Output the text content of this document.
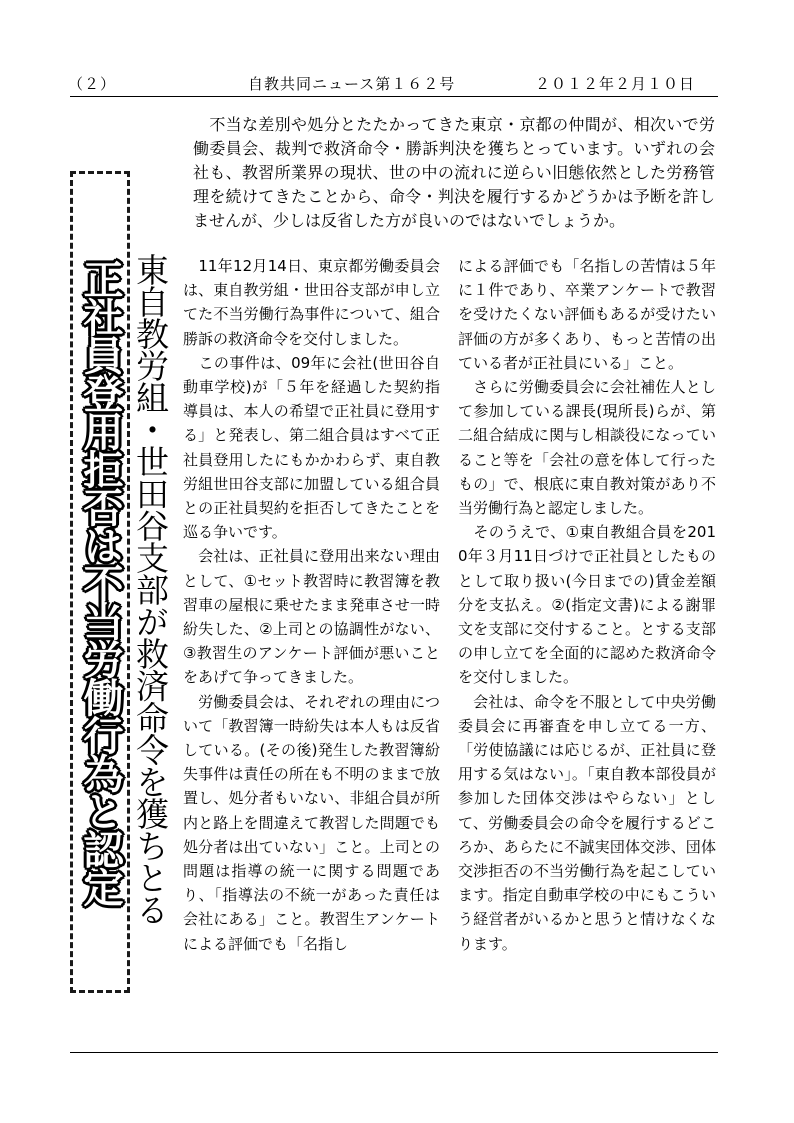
（２）	自教共同ニュース第１６２号	２０１２年２月１０日

　不当な差別や処分とたたかってきた東京・京都の仲間が、相次いで労働委員会、裁判で救済命令・勝訴判決を獲ちとっています。いずれの会社も、教習所業界の現状、世の中の流れに逆らい旧態依然とした労務管理を続けてきたことから、命令・判決を履行するかどうかは予断を許しませんが、少しは反省した方が良いのではないでしょうか。

正社員登用拒否は不当労働行為と認定 東自教労組・世田谷支部が救済命令を獲ちとる 　11年12月14日、東京都労働委員会は、東自教労組・世田谷支部が申し立てた不当労働行為事件について、組合勝訴の救済命令を交付しました。

　この事件は、09年に会社(世田谷自動車学校)が「５年を経過した契約指導員は、本人の希望で正社員に登用する」と発表し、第二組合員はすべて正社員登用したにもかかわらず、東自教労組世田谷支部に加盟している組合員との正社員契約を拒否してきたことを巡る争いです。

　会社は、正社員に登用出来ない理由として、①セット教習時に教習簿を教習車の屋根に乗せたまま発車させ一時紛失した、②上司との協調性がない、③教習生のアンケート評価が悪いことをあげて争ってきました。

　労働委員会は、それぞれの理由について「教習簿一時紛失は本人もは反省している。(その後)発生した教習簿紛失事件は責任の所在も不明のままで放置し、処分者もいない、非組合員が所内と路上を間違えて教習した問題でも処分者は出ていない」こと。上司との問題は指導の統一に関する問題であり、「指導法の不統一があった責任は会社にある」こと。教習生アンケートによる評価でも「名指し

による評価でも「名指しの苦情は５年に１件であり、卒業アンケートで教習を受けたくない評価もあるが受けたい評価の方が多くあり、もっと苦情の出ている者が正社員にいる」こと。

　さらに労働委員会に会社補佐人として参加している課長(現所長)らが、第二組合結成に関与し相談役になっていること等を「会社の意を体して行ったもの」で、根底に東自教対策があり不当労働行為と認定しました。

　そのうえで、①東自教組合員を2010年３月11日づけで正社員としたものとして取り扱い(今日までの)賃金差額分を支払え。②(指定文書)による謝罪文を支部に交付すること。とする支部の申し立てを全面的に認めた救済命令を交付しました。

　会社は、命令を不服として中央労働委員会に再審査を申し立てる一方、「労使協議には応じるが、正社員に登用する気はない」。「東自教本部役員が参加した団体交渉はやらない」として、労働委員会の命令を履行するどころか、あらたに不誠実団体交渉、団体交渉拒否の不当労働行為を起こしています。指定自動車学校の中にもこういう経営者がいるかと思うと情けなくなります。
